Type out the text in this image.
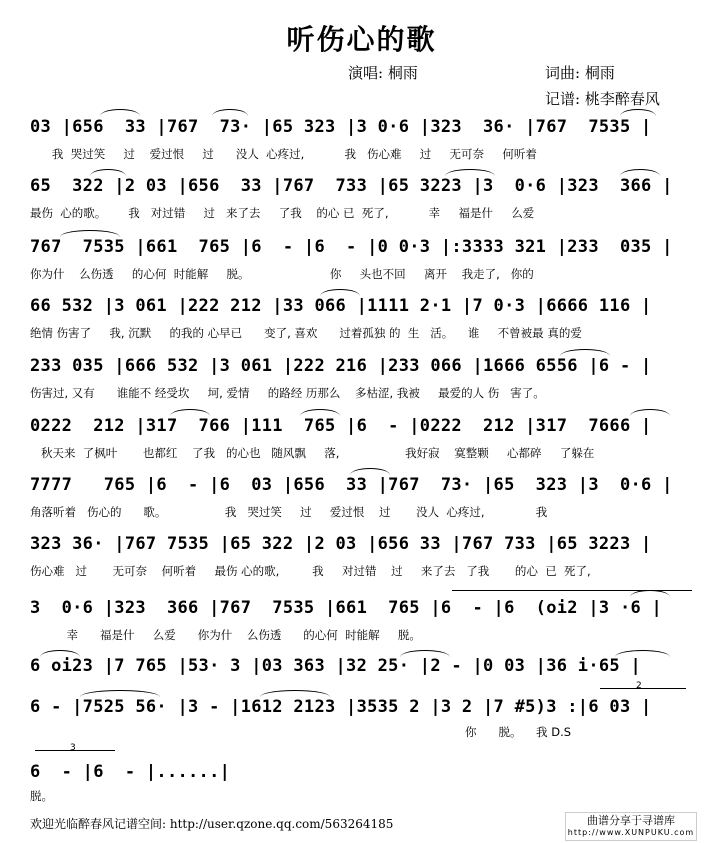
听伤心的歌
演唱: 桐雨	词曲: 桐雨
记谱: 桃李醉春风
03 |656  33 |767  73· |65 323 |3 0·6 |323  36· |767  7535 |
我  哭过笑     过    爱过恨     过      没人  心疼过,           我   伤心难     过     无可奈     何听着
65  322 |2 03 |656  33 |767  733 |65 3223 |3  0·6 |323  366 |
最伤  心的歌。      我   对过错     过   来了去     了我    的心 已  死了,           幸     福是什     么爱
767  7535 |661  765 |6  - |6  - |0 0·3 |:3333 321 |233  035 |
你为什    么伤透     的心何  时能解     脱。                      你     头也不回     离开    我走了,   你的
66 532 |3 061 |222 212 |33 066 |1111 2·1 |7 0·3 |6666 116 |
绝情 伤害了     我, 沉默     的我的 心早已      变了, 喜欢      过着孤独 的  生   活。    谁     不曾被最 真的爱
233 035 |666 532 |3 061 |222 216 |233 066 |1666 6556 |6 - |
伤害过, 又有      谁能不 经受坎     坷, 爱情     的路经 历那么    多枯涩, 我被     最爱的人 伤   害了。
0222  212 |317  766 |111  765 |6  - |0222  212 |317  7666 |
秋天来  了枫叶       也都红    了我   的心也   随风飘     落,                  我好寂    寞整颗     心都碎     了躲在
7777   765 |6  - |6  03 |656  33 |767  73· |65  323 |3  0·6 |
角落听着   伤心的      歌。                我   哭过笑     过     爱过恨    过       没人  心疼过,              我
323 36· |767 7535 |65 322 |2 03 |656 33 |767 733 |65 3223 |
伤心难   过       无可奈    何听着     最伤 心的歌,         我     对过错    过     来了去   了我       的心  已  死了,
3  0·6 |323  366 |767  7535 |661  765 |6  - |6  (oi2 |3 ·6 |
幸      福是什     么爱      你为什    么伤透      的心何  时能解     脱。
6 oi23 |7 765 |53· 3 |03 363 |32 25· |2 - |0 03 |36 i·65 |
6 - |7525 56· |3 - |1612 2123 |3535 2 |3 2 |7 #5)3 :|6 03 |
你      脱。    我 D.S
6  - |6  - |......|
脱。
2
3
欢迎光临醉春风记谱空间: http://user.qzone.qq.com/563264185	曲谱分享于寻谱库
http://www.XUNPUKU.com
